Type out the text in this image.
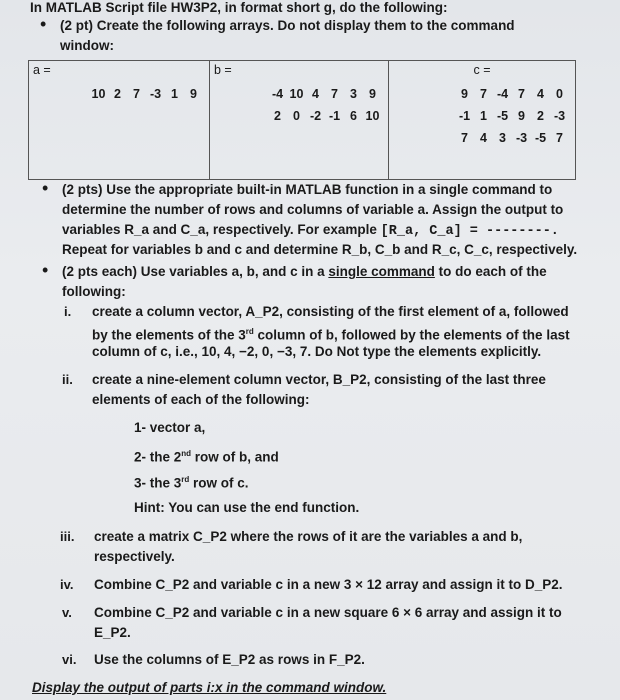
In MATLAB Script file HW3P2, in format short g, do the following:
• (2 pt) Create the following arrays. Do not display them to the command
window:
a =
10 2 7 -3 1 9

b =
-4 10 4 7 3 9
2 0 -2 -1 6 10

c =
9 7 -4 7 4 0
-1 1 -5 9 2 -3
7 4 3 -3 -5 7
• (2 pts) Use the appropriate built-in MATLAB function in a single command to
determine the number of rows and columns of variable a. Assign the output to
variables R_a and C_a, respectively. For example [R_a, C_a] = --------.
Repeat for variables b and c and determine R_b, C_b and R_c, C_c, respectively.
• (2 pts each) Use variables a, b, and c in a single command to do each of the
following:
i. create a column vector, A_P2, consisting of the first element of a, followed
by the elements of the 3rd column of b, followed by the elements of the last
column of c, i.e., 10, 4, −2, 0, −3, 7. Do Not type the elements explicitly.
ii. create a nine-element column vector, B_P2, consisting of the last three
elements of each of the following:
1- vector a,
2- the 2nd row of b, and
3- the 3rd row of c.
Hint: You can use the end function.
iii. create a matrix C_P2 where the rows of it are the variables a and b,
respectively.
iv. Combine C_P2 and variable c in a new 3 × 12 array and assign it to D_P2.
v. Combine C_P2 and variable c in a new square 6 × 6 array and assign it to
E_P2.
vi. Use the columns of E_P2 as rows in F_P2.
Display the output of parts i:x in the command window.
